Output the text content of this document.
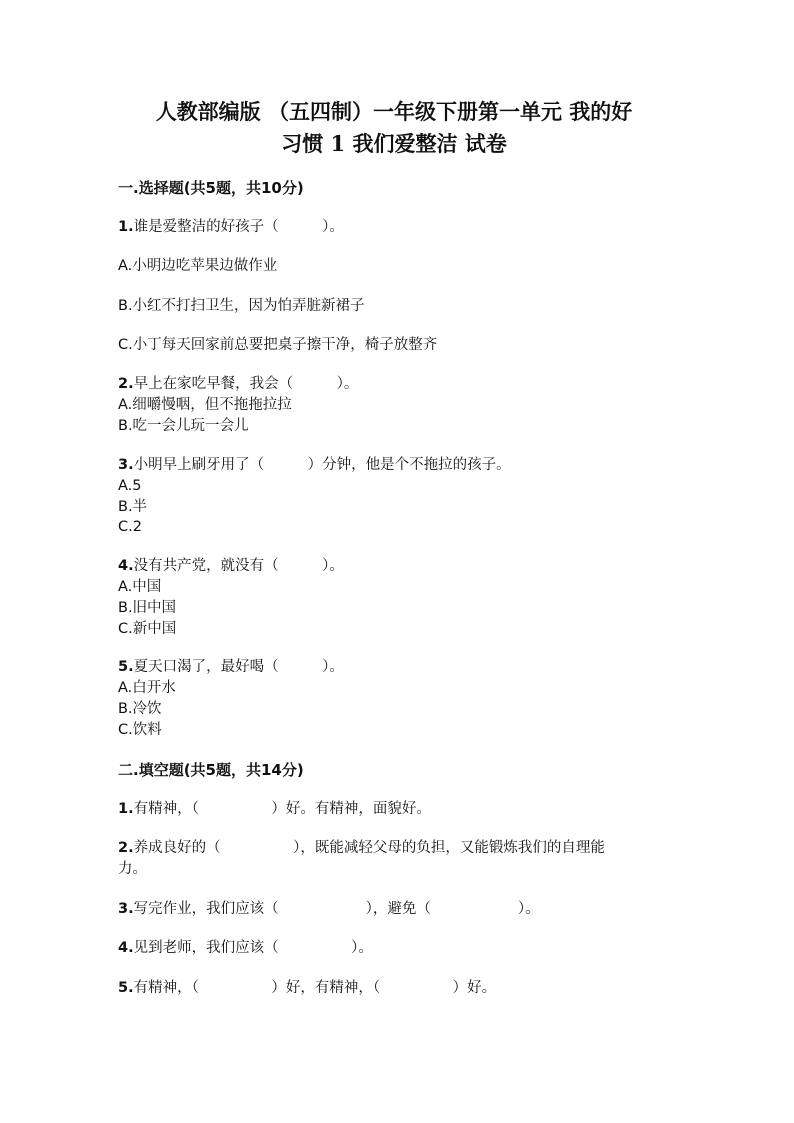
人教部编版 （五四制）一年级下册第一单元 我的好
习惯 1 我们爱整洁 试卷
一.选择题(共5题，共10分)
1.谁是爱整洁的好孩子（　　　）。
A.小明边吃苹果边做作业
B.小红不打扫卫生，因为怕弄脏新裙子
C.小丁每天回家前总要把桌子擦干净，椅子放整齐
2.早上在家吃早餐，我会（　　　）。
A.细嚼慢咽，但不拖拖拉拉
B.吃一会儿玩一会儿
3.小明早上刷牙用了（　　　）分钟，他是个不拖拉的孩子。
A.5
B.半
C.2
4.没有共产党，就没有（　　　）。
A.中国
B.旧中国
C.新中国
5.夏天口渴了，最好喝（　　　）。
A.白开水
B.冷饮
C.饮料
二.填空题(共5题，共14分)
1.有精神，（　　　　　）好。有精神，面貌好。
2.养成良好的（　　　　　），既能减轻父母的负担，又能锻炼我们的自理能
力。
3.写完作业，我们应该（　　　　　　），避免（　　　　　　）。
4.见到老师，我们应该（　　　　　）。
5.有精神，（　　　　　）好，有精神，（　　　　　）好。
